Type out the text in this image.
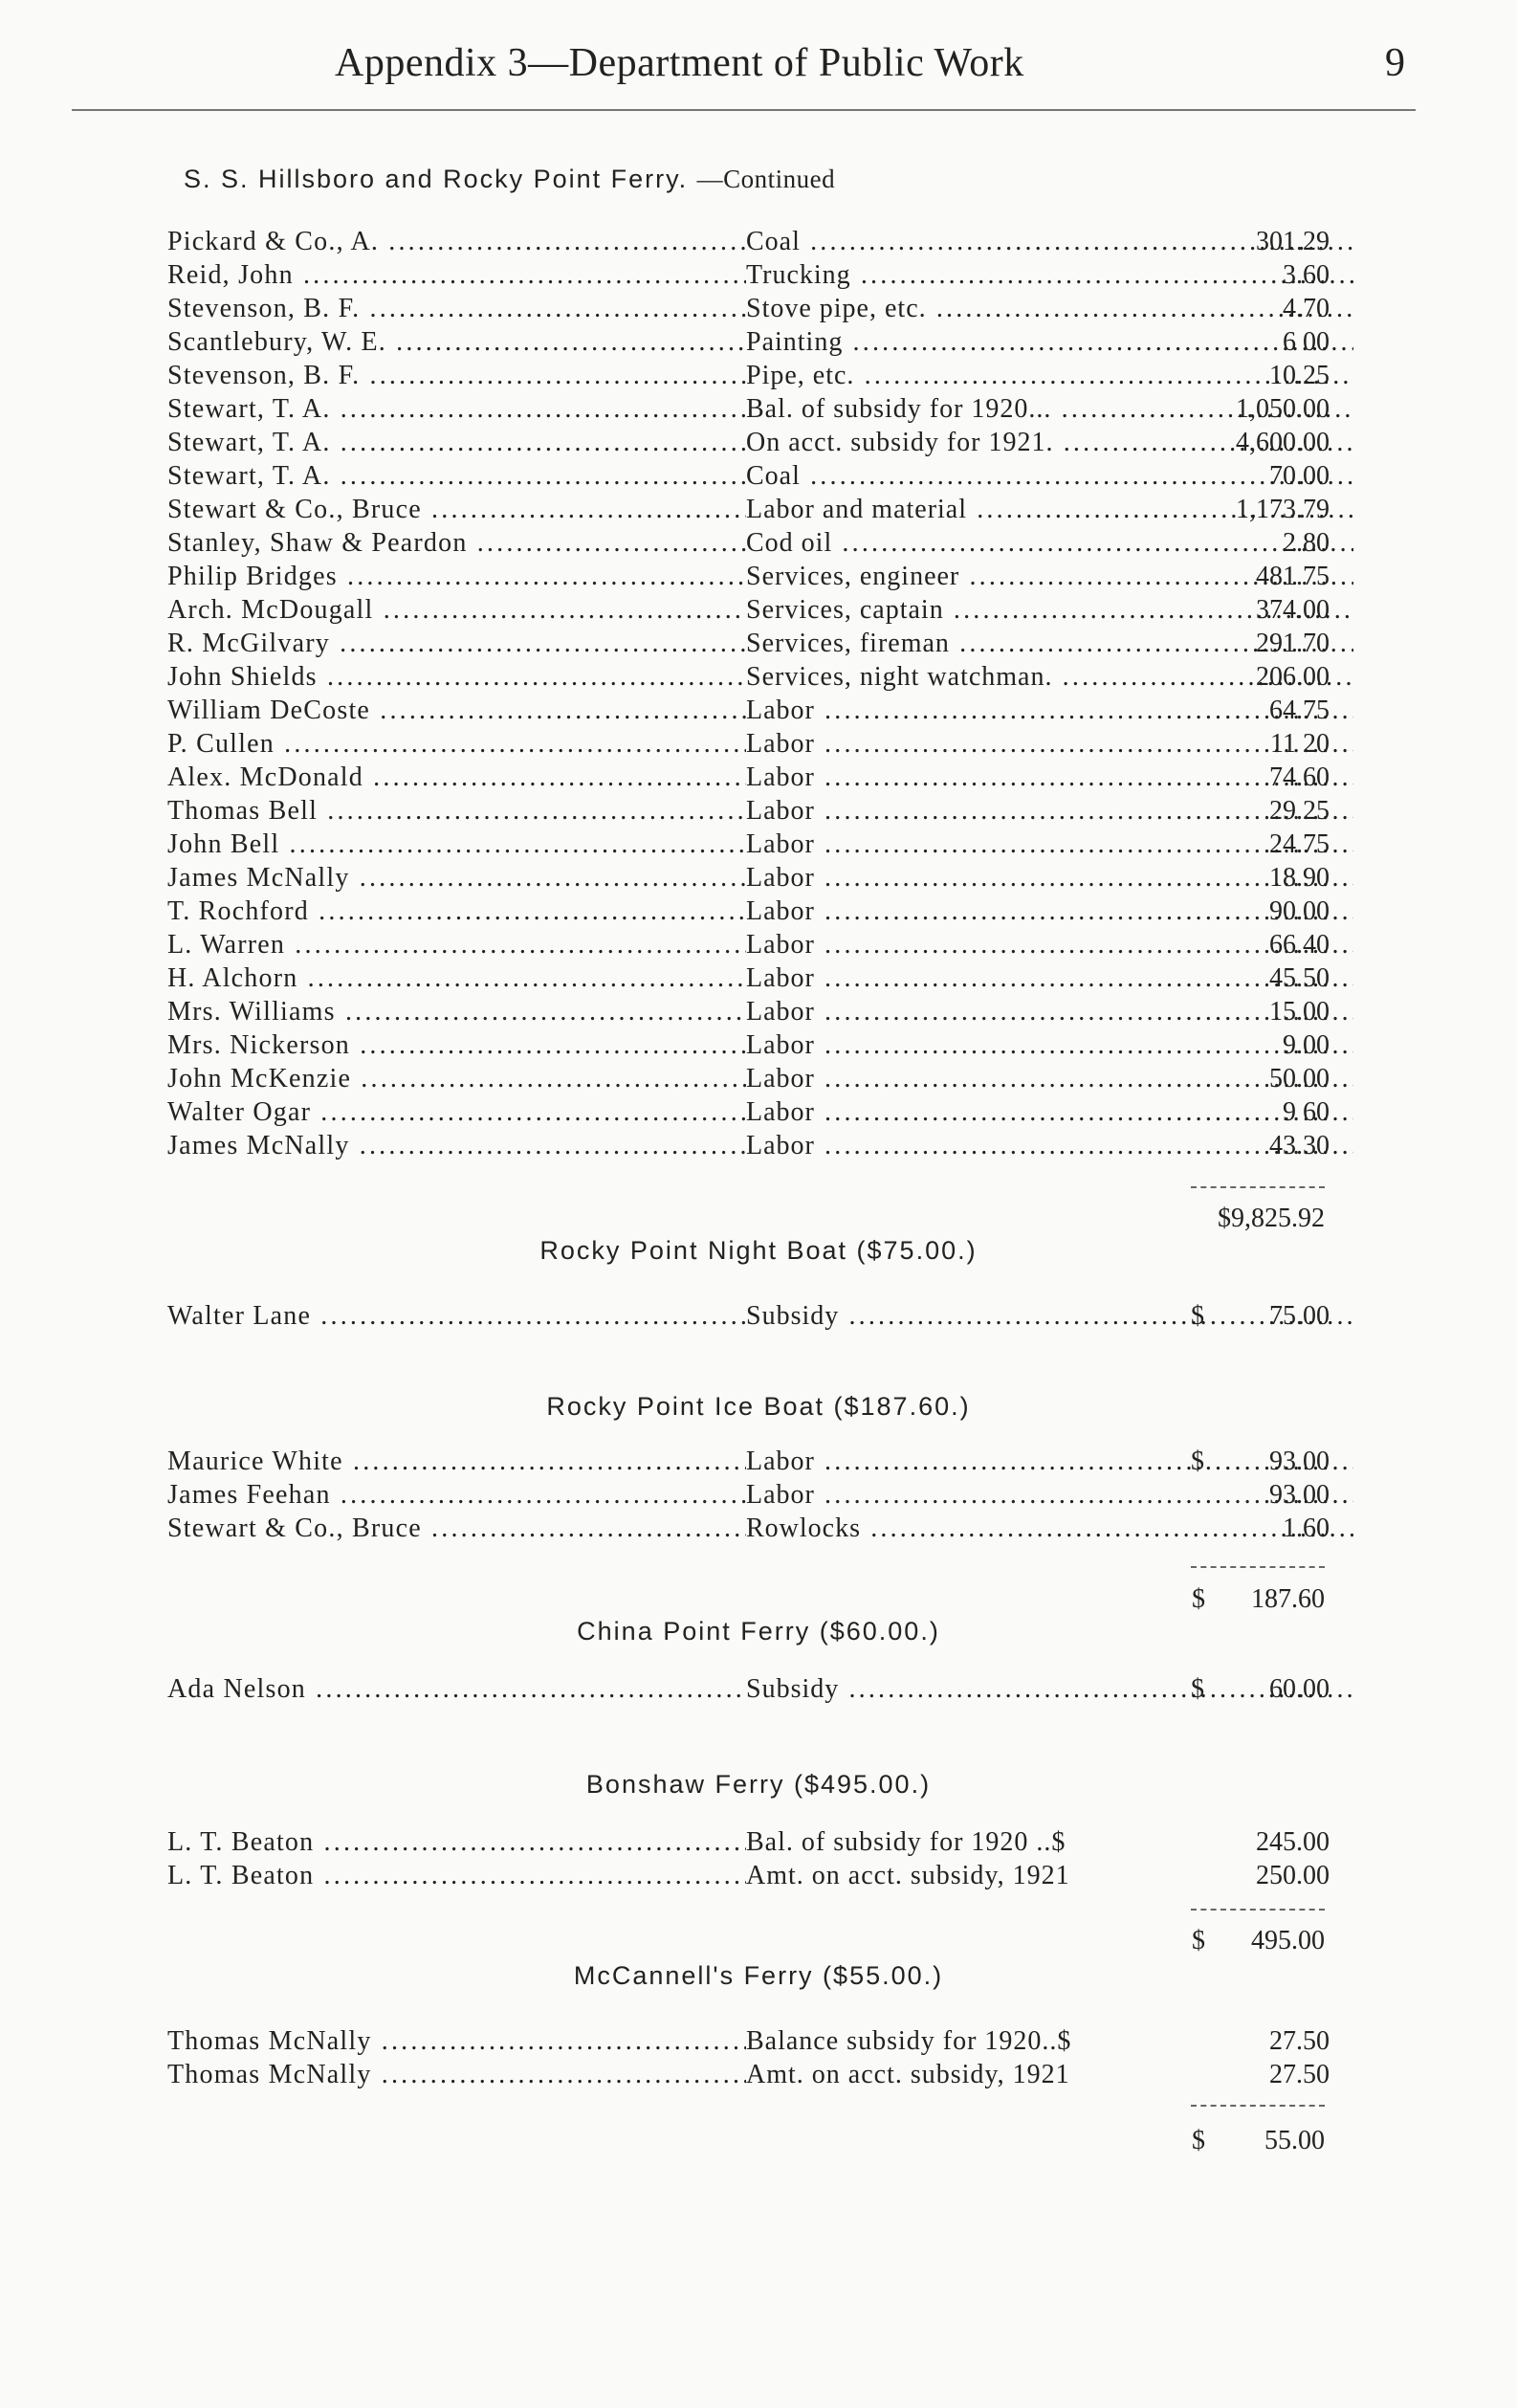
Appendix 3—Department of Public Work	9
S. S. Hillsboro and Rocky Point Ferry. —Continued
Pickard & Co., A. .....	Coal .....	301.29
Reid, John .....	Trucking .....	3.60
Stevenson, B. F. .....	Stove pipe, etc. .....	4.70
Scantlebury, W. E. .....	Painting .....	6 00
Stevenson, B. F. .....	Pipe, etc. .....	10.25
Stewart, T. A. .....	Bal. of subsidy for 1920... .....	1,050.00
Stewart, T. A. .....	On acct. subsidy for 1921. .....	4,600.00
Stewart, T. A. .....	Coal .....	70.00
Stewart & Co., Bruce .....	Labor and material .....	1,173.79
Stanley, Shaw & Peardon .....	Cod oil .....	2.80
Philip Bridges .....	Services, engineer .....	481.75
Arch. McDougall .....	Services, captain .....	374.00
R. McGilvary .....	Services, fireman .....	291.70
John Shields .....	Services, night watchman. .....	206.00
William DeCoste .....	Labor .....	64.75
P. Cullen .....	Labor .....	11 20
Alex. McDonald .....	Labor .....	74.60
Thomas Bell .....	Labor .....	29.25
John Bell .....	Labor .....	24.75
James McNally .....	Labor .....	18.90
T. Rochford .....	Labor .....	90.00
L. Warren .....	Labor .....	66.40
H. Alchorn .....	Labor .....	45.50
Mrs. Williams .....	Labor .....	15.00
Mrs. Nickerson .....	Labor .....	9.00
John McKenzie .....	Labor .....	50.00
Walter Ogar .....	Labor .....	9 60
James McNally .....	Labor .....	43.30
$9,825.92
Rocky Point Night Boat ($75.00.)
Walter Lane .....	Subsidy .....	$ 75.00
Rocky Point Ice Boat ($187.60.)
Maurice White .....	Labor .....	$ 93.00
James Feehan .....	Labor .....	93.00
Stewart & Co., Bruce .....	Rowlocks .....	1.60
$ 187.60
China Point Ferry ($60.00.)
Ada Nelson .....	Subsidy .....	$ 60.00
Bonshaw Ferry ($495.00.)
L. T. Beaton .....	Bal. of subsidy for 1920 ..$	245.00
L. T. Beaton .....	Amt. on acct. subsidy, 1921	250.00
$ 495.00
McCannell's Ferry ($55.00.)
Thomas McNally .....	Balance subsidy for 1920..$	27.50
Thomas McNally .....	Amt. on acct. subsidy, 1921	27.50
$ 55.00
